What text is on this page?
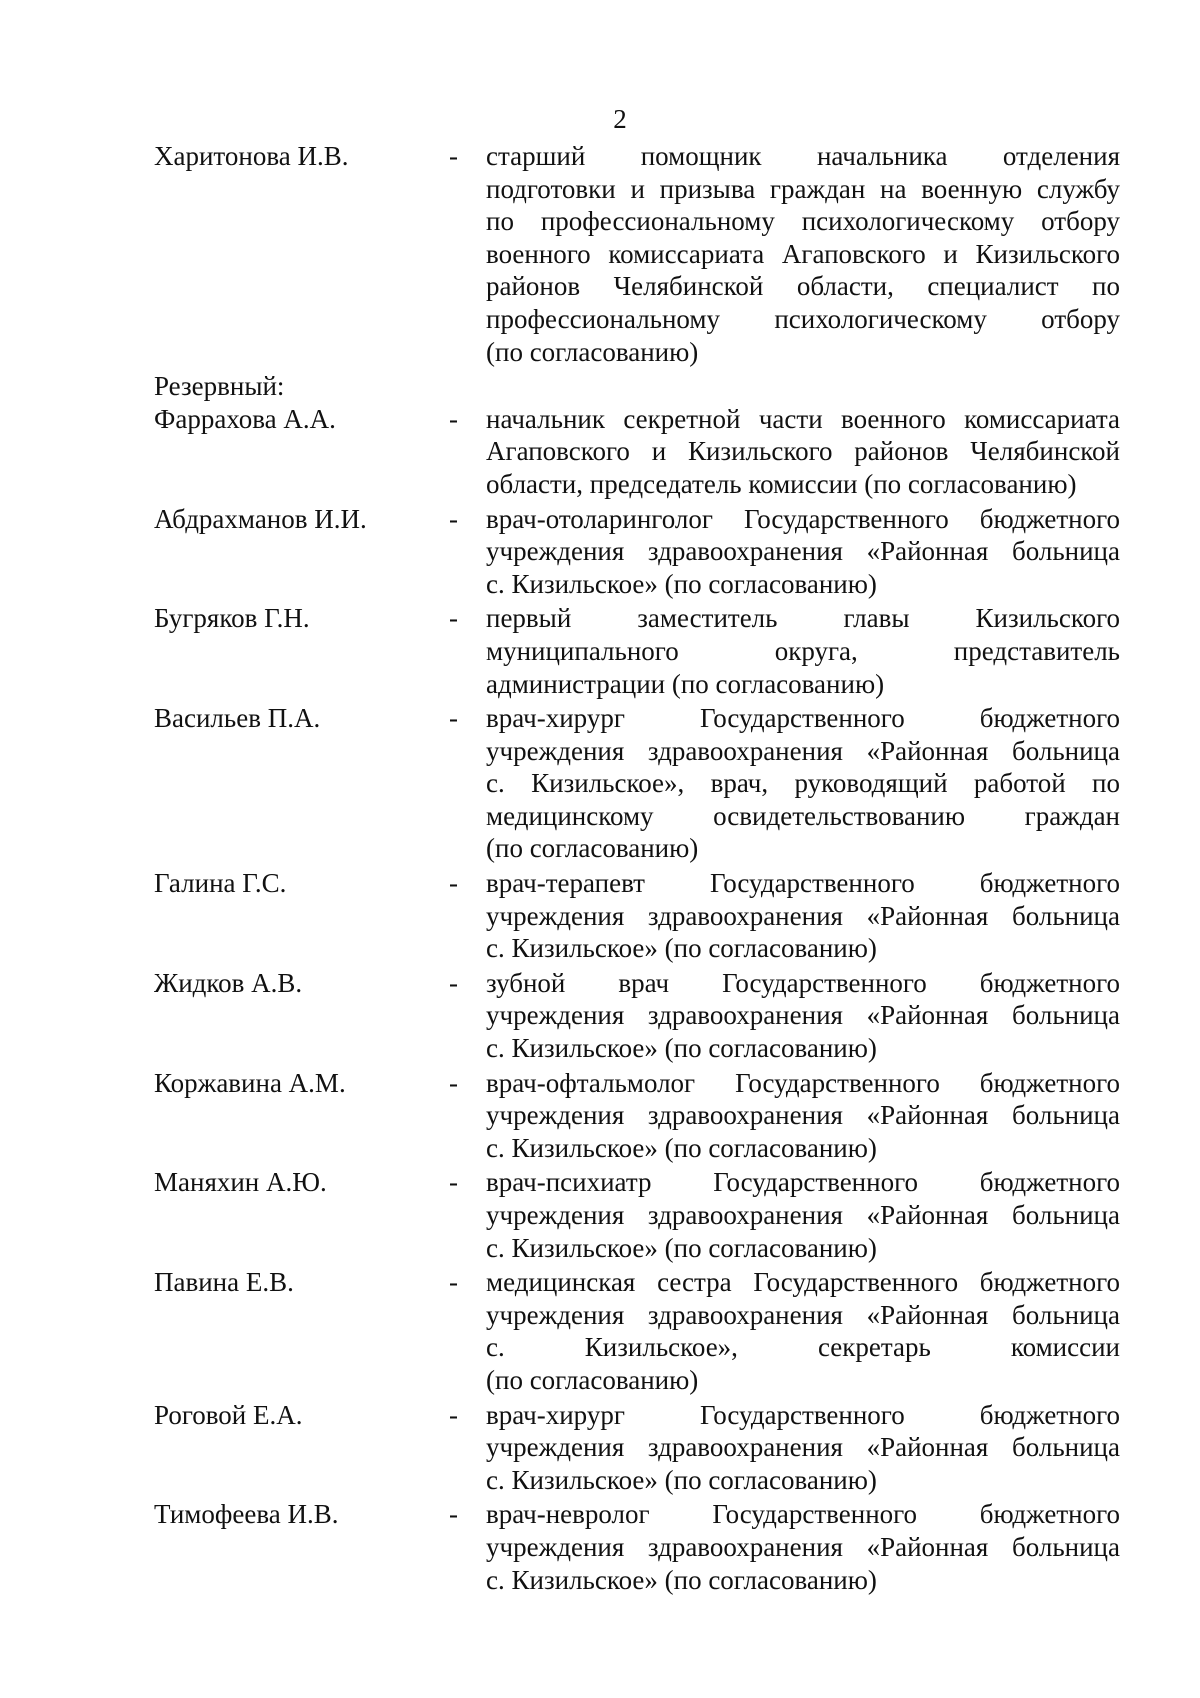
2
Харитонова И.В.	-	старший помощник начальника отделения
подготовки и призыва граждан на военную службу
по профессиональному психологическому отбору
военного комиссариата Агаповского и Кизильского
районов Челябинской области, специалист по
профессиональному психологическому отбору
(по согласованию)
Резервный:
Фаррахова А.А.	-	начальник секретной части военного комиссариата
Агаповского и Кизильского районов Челябинской
области, председатель комиссии (по согласованию)
Абдрахманов И.И.	-	врач-отоларинголог Государственного бюджетного
учреждения здравоохранения «Районная больница
с. Кизильское» (по согласованию)
Бугряков Г.Н.	-	первый заместитель главы Кизильского
муниципального округа, представитель
администрации (по согласованию)
Васильев П.А.	-	врач-хирург Государственного бюджетного
учреждения здравоохранения «Районная больница
с. Кизильское», врач, руководящий работой по
медицинскому освидетельствованию граждан
(по согласованию)
Галина Г.С.	-	врач-терапевт Государственного бюджетного
учреждения здравоохранения «Районная больница
с. Кизильское» (по согласованию)
Жидков А.В.	-	зубной врач Государственного бюджетного
учреждения здравоохранения «Районная больница
с. Кизильское» (по согласованию)
Коржавина А.М.	-	врач-офтальмолог Государственного бюджетного
учреждения здравоохранения «Районная больница
с. Кизильское» (по согласованию)
Маняхин А.Ю.	-	врач-психиатр Государственного бюджетного
учреждения здравоохранения «Районная больница
с. Кизильское» (по согласованию)
Павина Е.В.	-	медицинская сестра Государственного бюджетного
учреждения здравоохранения «Районная больница
с. Кизильское», секретарь комиссии
(по согласованию)
Роговой Е.А.	-	врач-хирург Государственного бюджетного
учреждения здравоохранения «Районная больница
с. Кизильское» (по согласованию)
Тимофеева И.В.	-	врач-невролог Государственного бюджетного
учреждения здравоохранения «Районная больница
с. Кизильское» (по согласованию)
